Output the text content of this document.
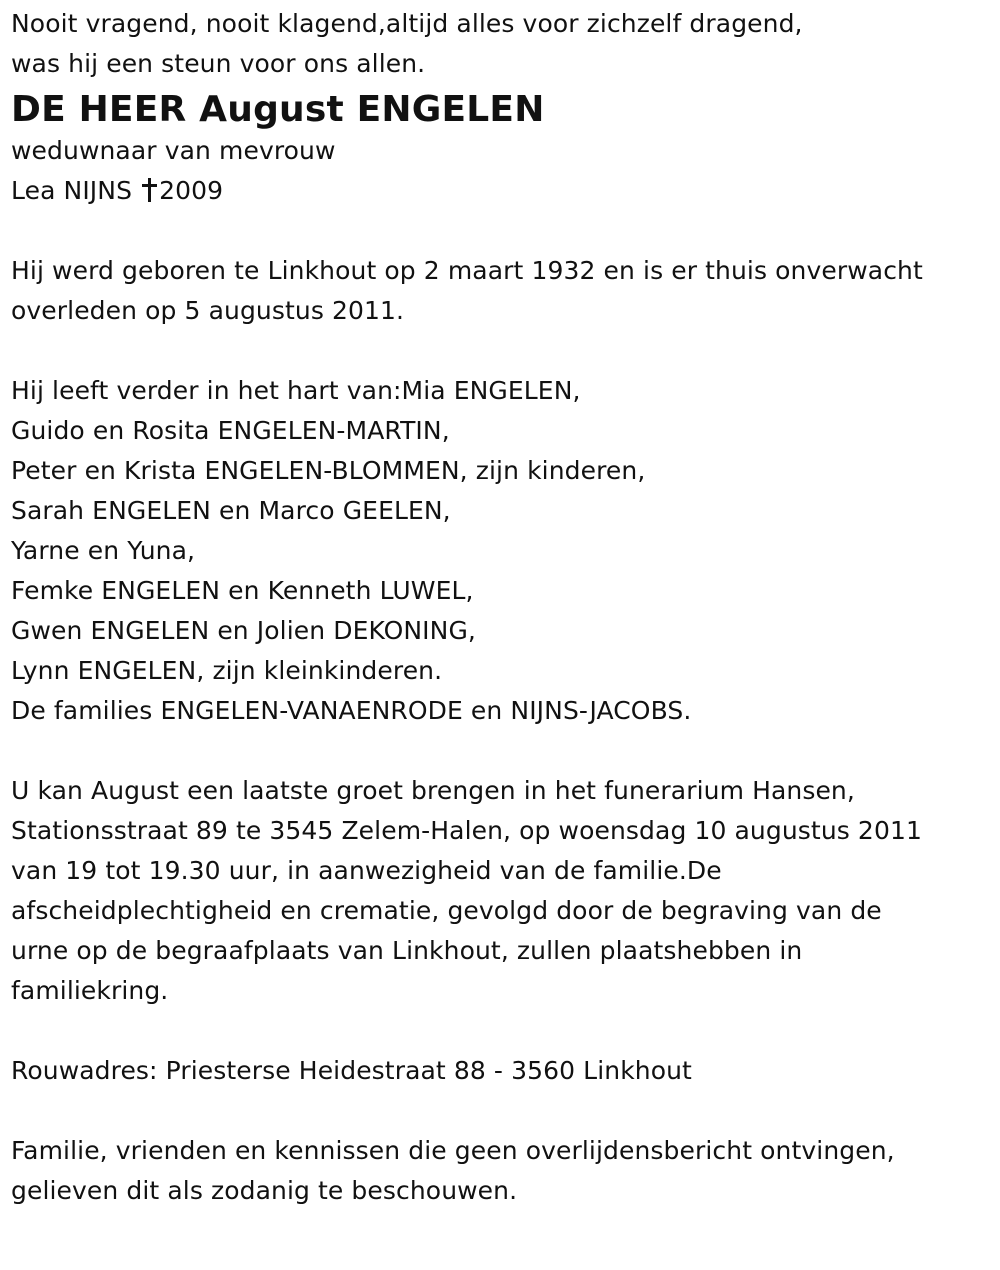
Nooit vragend, nooit klagend,altijd alles voor zichzelf dragend,
was hij een steun voor ons allen.
DE HEER August ENGELEN
weduwnaar van mevrouw
Lea NIJNS 2009
Hij werd geboren te Linkhout op 2 maart 1932 en is er thuis onverwacht
overleden op 5 augustus 2011.
Hij leeft verder in het hart van:Mia ENGELEN,
Guido en Rosita ENGELEN-MARTIN,
Peter en Krista ENGELEN-BLOMMEN, zijn kinderen,
Sarah ENGELEN en Marco GEELEN,
Yarne en Yuna,
Femke ENGELEN en Kenneth LUWEL,
Gwen ENGELEN en Jolien DEKONING,
Lynn ENGELEN, zijn kleinkinderen.
De families ENGELEN-VANAENRODE en NIJNS-JACOBS.
U kan August een laatste groet brengen in het funerarium Hansen,
Stationsstraat 89 te 3545 Zelem-Halen, op woensdag 10 augustus 2011
van 19 tot 19.30 uur, in aanwezigheid van de familie.De
afscheidplechtigheid en crematie, gevolgd door de begraving van de
urne op de begraafplaats van Linkhout, zullen plaatshebben in
familiekring.
Rouwadres: Priesterse Heidestraat 88 - 3560 Linkhout
Familie, vrienden en kennissen die geen overlijdensbericht ontvingen,
gelieven dit als zodanig te beschouwen.
